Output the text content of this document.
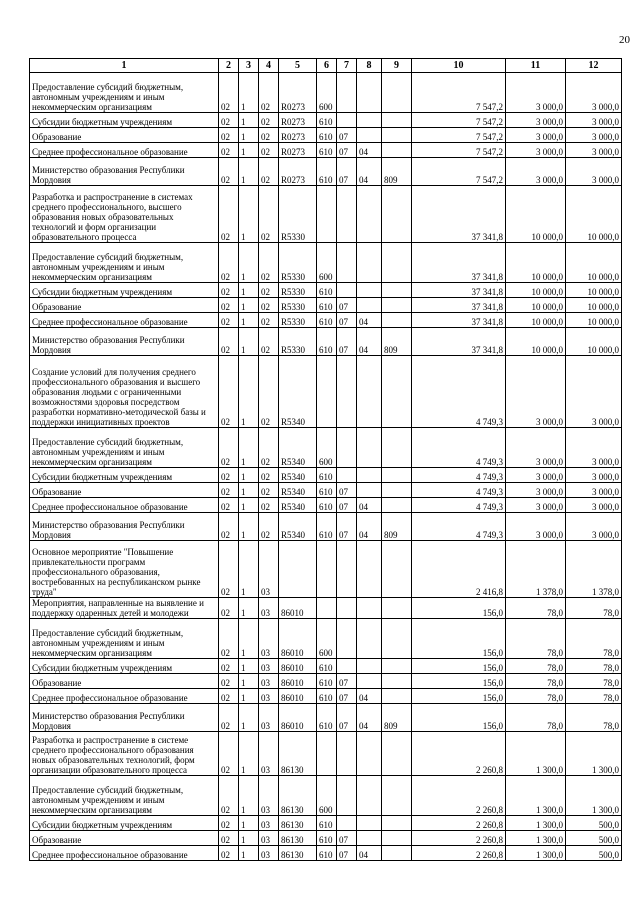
20
1	2	3	4	5	6	7	8	9	10	11	12
Предоставление субсидий бюджетным, автономным учреждениям и иным некоммерческим организациям	02	1	02	R0273	600				7 547,2	3 000,0	3 000,0
Субсидии бюджетным учреждениям	02	1	02	R0273	610				7 547,2	3 000,0	3 000,0
Образование	02	1	02	R0273	610	07			7 547,2	3 000,0	3 000,0
Среднее профессиональное образование	02	1	02	R0273	610	07	04		7 547,2	3 000,0	3 000,0
Министерство образования Республики Мордовия	02	1	02	R0273	610	07	04	809	7 547,2	3 000,0	3 000,0
Разработка и распространение в системах среднего профессионального, высшего образования новых образовательных технологий и форм организации образовательного процесса	02	1	02	R5330					37 341,8	10 000,0	10 000,0
Предоставление субсидий бюджетным, автономным учреждениям и иным некоммерческим организациям	02	1	02	R5330	600				37 341,8	10 000,0	10 000,0
Субсидии бюджетным учреждениям	02	1	02	R5330	610				37 341,8	10 000,0	10 000,0
Образование	02	1	02	R5330	610	07			37 341,8	10 000,0	10 000,0
Среднее профессиональное образование	02	1	02	R5330	610	07	04		37 341,8	10 000,0	10 000,0
Министерство образования Республики Мордовия	02	1	02	R5330	610	07	04	809	37 341,8	10 000,0	10 000,0
Создание условий для получения среднего профессионального образования и высшего образования людьми с ограниченными возможностями здоровья посредством разработки нормативно-методической базы и поддержки инициативных проектов	02	1	02	R5340					4 749,3	3 000,0	3 000,0
Предоставление субсидий бюджетным, автономным учреждениям и иным некоммерческим организациям	02	1	02	R5340	600				4 749,3	3 000,0	3 000,0
Субсидии бюджетным учреждениям	02	1	02	R5340	610				4 749,3	3 000,0	3 000,0
Образование	02	1	02	R5340	610	07			4 749,3	3 000,0	3 000,0
Среднее профессиональное образование	02	1	02	R5340	610	07	04		4 749,3	3 000,0	3 000,0
Министерство образования Республики Мордовия	02	1	02	R5340	610	07	04	809	4 749,3	3 000,0	3 000,0
Основное мероприятие "Повышение привлекательности программ профессионального образования, востребованных на республиканском рынке труда"	02	1	03						2 416,8	1 378,0	1 378,0
Мероприятия, направленные на выявление и поддержку одаренных детей и молодежи	02	1	03	86010					156,0	78,0	78,0
Предоставление субсидий бюджетным, автономным учреждениям и иным некоммерческим организациям	02	1	03	86010	600				156,0	78,0	78,0
Субсидии бюджетным учреждениям	02	1	03	86010	610				156,0	78,0	78,0
Образование	02	1	03	86010	610	07			156,0	78,0	78,0
Среднее профессиональное образование	02	1	03	86010	610	07	04		156,0	78,0	78,0
Министерство образования Республики Мордовия	02	1	03	86010	610	07	04	809	156,0	78,0	78,0
Разработка и распространение в системе среднего профессионального образования новых образовательных технологий, форм организации образовательного процесса	02	1	03	86130					2 260,8	1 300,0	1 300,0
Предоставление субсидий бюджетным, автономным учреждениям и иным некоммерческим организациям	02	1	03	86130	600				2 260,8	1 300,0	1 300,0
Субсидии бюджетным учреждениям	02	1	03	86130	610				2 260,8	1 300,0	500,0
Образование	02	1	03	86130	610	07			2 260,8	1 300,0	500,0
Среднее профессиональное образование	02	1	03	86130	610	07	04		2 260,8	1 300,0	500,0
